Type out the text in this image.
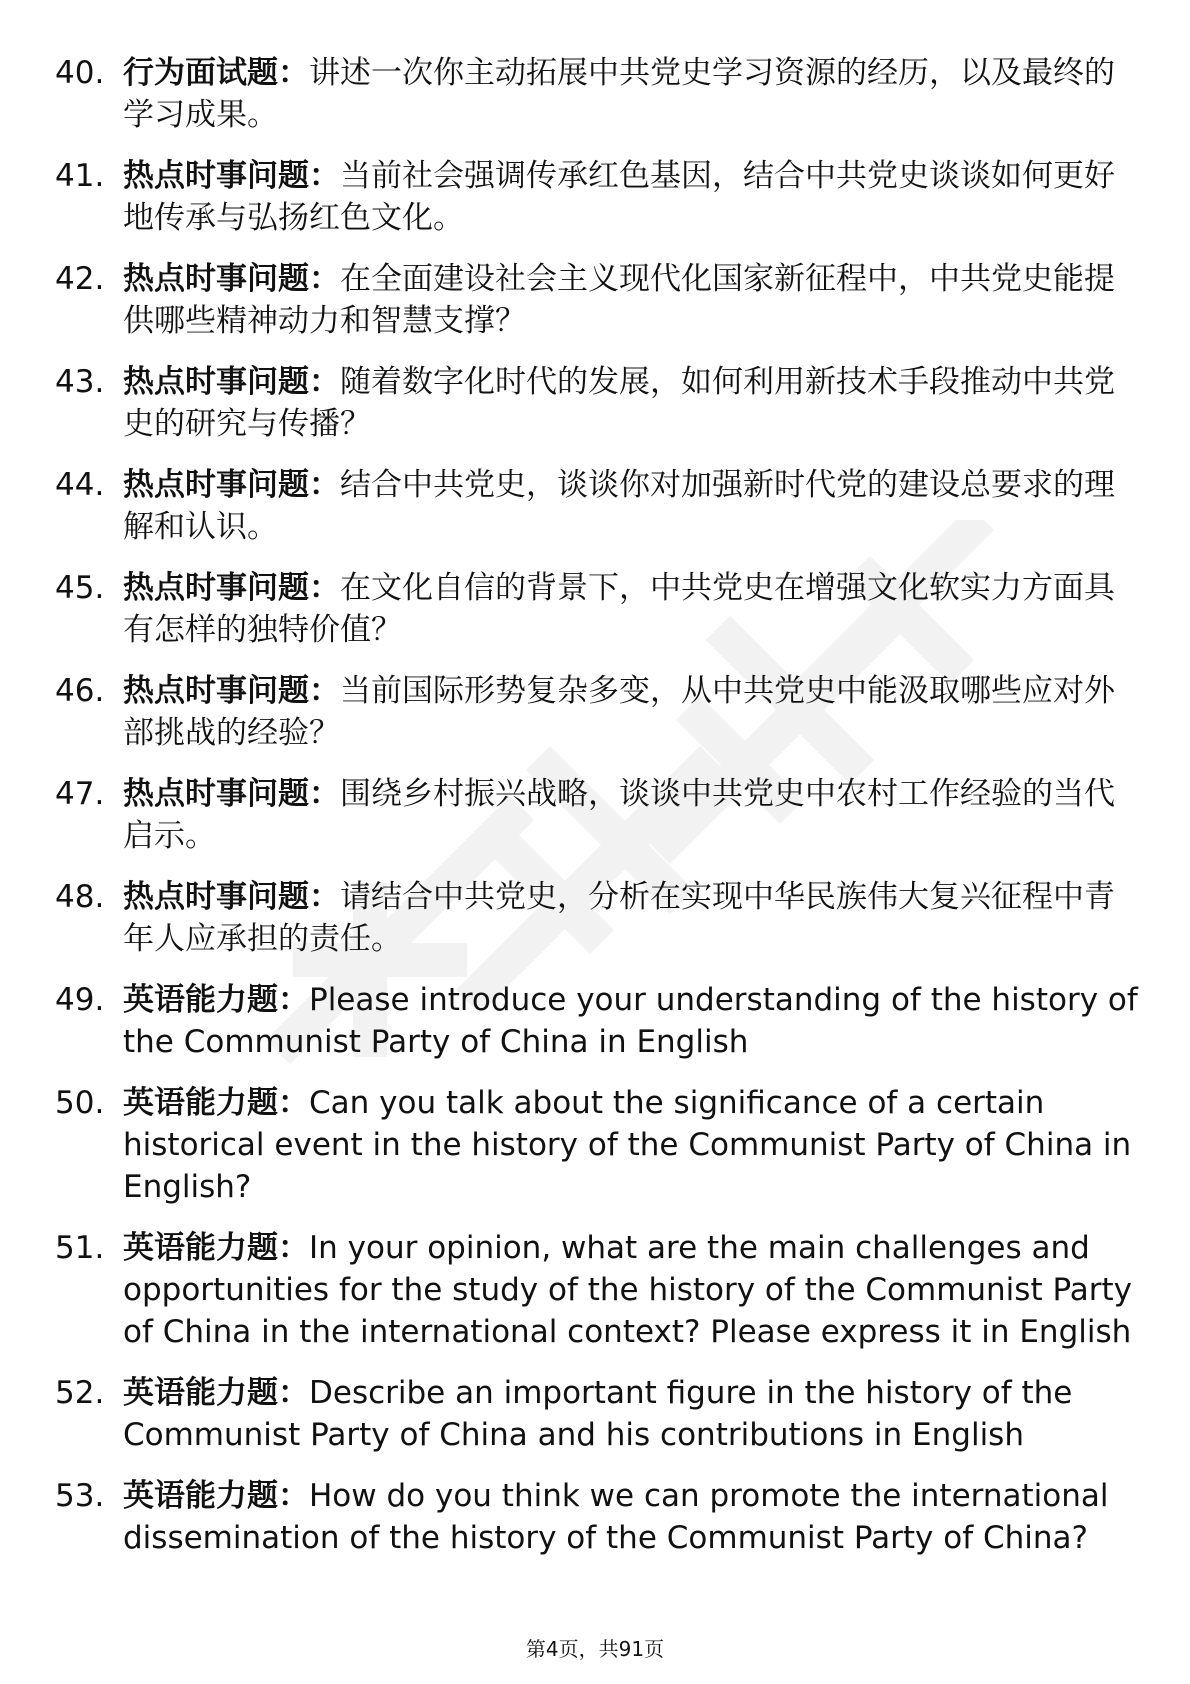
40. 行为面试题：讲述一次你主动拓展中共党史学习资源的经历，以及最终的学习成果。
41. 热点时事问题：当前社会强调传承红色基因，结合中共党史谈谈如何更好地传承与弘扬红色文化。
42. 热点时事问题：在全面建设社会主义现代化国家新征程中，中共党史能提供哪些精神动力和智慧支撑？
43. 热点时事问题：随着数字化时代的发展，如何利用新技术手段推动中共党史的研究与传播？
44. 热点时事问题：结合中共党史，谈谈你对加强新时代党的建设总要求的理解和认识。
45. 热点时事问题：在文化自信的背景下，中共党史在增强文化软实力方面具有怎样的独特价值？
46. 热点时事问题：当前国际形势复杂多变，从中共党史中能汲取哪些应对外部挑战的经验？
47. 热点时事问题：围绕乡村振兴战略，谈谈中共党史中农村工作经验的当代启示。
48. 热点时事问题：请结合中共党史，分析在实现中华民族伟大复兴征程中青年人应承担的责任。
49. 英语能力题：Please introduce your understanding of the history of the Communist Party of China in English
50. 英语能力题：Can you talk about the significance of a certain historical event in the history of the Communist Party of China in English?
51. 英语能力题：In your opinion, what are the main challenges and opportunities for the study of the history of the Communist Party of China in the international context? Please express it in English
52. 英语能力题：Describe an important figure in the history of the Communist Party of China and his contributions in English
53. 英语能力题：How do you think we can promote the international dissemination of the history of the Communist Party of China?
第4页，共91页
